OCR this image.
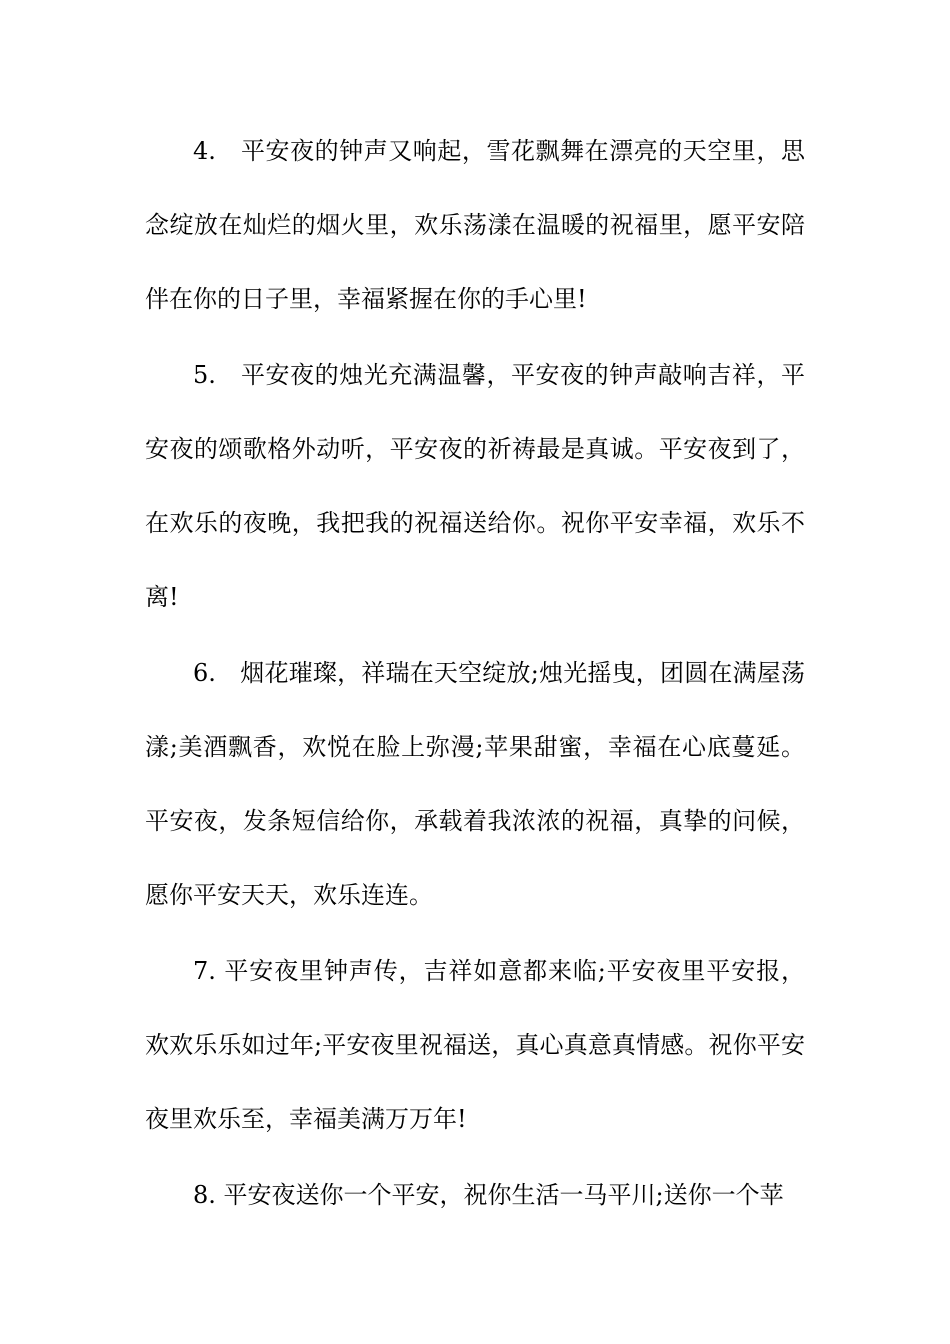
4.　平安夜的钟声又响起，雪花飘舞在漂亮的天空里，思念绽放在灿烂的烟火里，欢乐荡漾在温暖的祝福里，愿平安陪伴在你的日子里，幸福紧握在你的手心里!

5.　平安夜的烛光充满温馨，平安夜的钟声敲响吉祥，平安夜的颂歌格外动听，平安夜的祈祷最是真诚。平安夜到了，在欢乐的夜晚，我把我的祝福送给你。祝你平安幸福，欢乐不离!

6.　烟花璀璨，祥瑞在天空绽放;烛光摇曳，团圆在满屋荡漾;美酒飘香，欢悦在脸上弥漫;苹果甜蜜，幸福在心底蔓延。平安夜，发条短信给你，承载着我浓浓的祝福，真挚的问候，愿你平安天天，欢乐连连。

7. 平安夜里钟声传，吉祥如意都来临;平安夜里平安报，欢欢乐乐如过年;平安夜里祝福送，真心真意真情感。祝你平安夜里欢乐至，幸福美满万万年!

8. 平安夜送你一个平安，祝你生活一马平川;送你一个苹
